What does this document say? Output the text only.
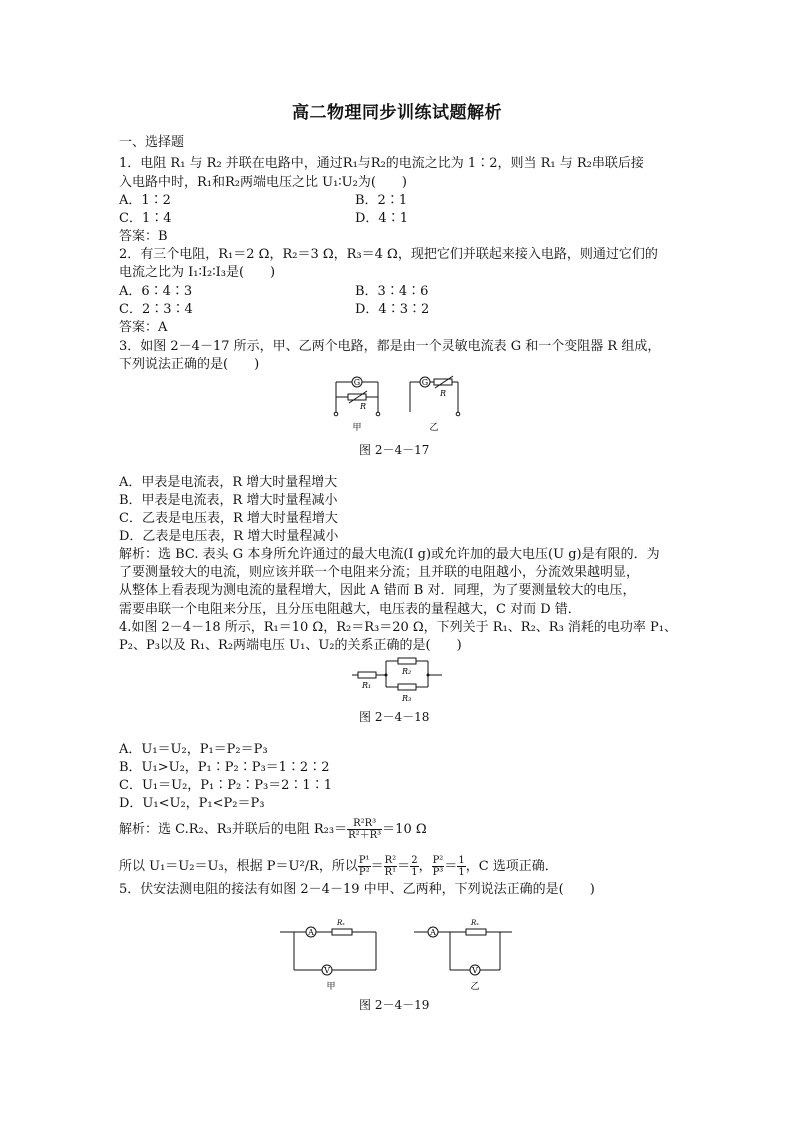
高二物理同步训练试题解析
一、选择题
1．电阻 R₁ 与 R₂ 并联在电路中，通过R₁与R₂的电流之比为 1∶2，则当 R₁ 与 R₂串联后接
入电路中时，R₁和R₂两端电压之比 U₁∶U₂为(　　)
A．1∶2	B．2∶1
C．1∶4	D．4∶1
答案：B
2．有三个电阻，R₁＝2 Ω，R₂＝3 Ω，R₃＝4 Ω，现把它们并联起来接入电路，则通过它们的
电流之比为 I₁∶I₂∶I₃是(　　)
A．6∶4∶3	B．3∶4∶6
C．2∶3∶4	D．4∶3∶2
答案：A
3．如图 2－4－17 所示，甲、乙两个电路，都是由一个灵敏电流表 G 和一个变阻器 R 组成，
下列说法正确的是(　　)
G
R
甲
G
R
乙
图 2－4－17
A．甲表是电流表，R 增大时量程增大
B．甲表是电流表，R 增大时量程减小
C．乙表是电压表，R 增大时量程增大
D．乙表是电压表，R 增大时量程减小
解析：选 BC. 表头 G 本身所允许通过的最大电流(I g)或允许加的最大电压(U g)是有限的．为
了要测量较大的电流，则应该并联一个电阻来分流；且并联的电阻越小，分流效果越明显，
从整体上看表现为测电流的量程增大，因此 A 错而 B 对．同理，为了要测量较大的电压，
需要串联一个电阻来分压，且分压电阻越大，电压表的量程越大，C 对而 D 错．
4.如图 2－4－18 所示，R₁＝10 Ω，R₂＝R₃＝20 Ω，下列关于 R₁、R₂、R₃ 消耗的电功率 P₁、
P₂、P₃以及 R₁、R₂两端电压 U₁、U₂的关系正确的是(　　)
R₁
R₂
R₃
图 2－4－18
A．U₁＝U₂，P₁＝P₂＝P₃
B．U₁>U₂，P₁∶P₂∶P₃＝1∶2∶2
C．U₁＝U₂，P₁∶P₂∶P₃＝2∶1∶1
D．U₁<U₂，P₁<P₂＝P₃
解析：选 C.R₂、R₃并联后的电阻 $R_{23}= \frac{\text{R²R³}}{\text{R²＋R³}} =10$ Ω
所以 U₁＝U₂＝U₃，根据 P＝U²/R，所以 $\frac{\text{P¹}}{\text{P²}} = \frac{\text{R²}}{\text{R¹}} = \frac{2}{1}$ ， $\frac{\text{P²}}{\text{P³}} = \frac{1}{1}$ ，C 选项正确．
5．伏安法测电阻的接法有如图 2－4－19 中甲、乙两种，下列说法正确的是(　　)
A
V
Rₓ
甲
A
V
Rₓ
乙
图 2－4－19
